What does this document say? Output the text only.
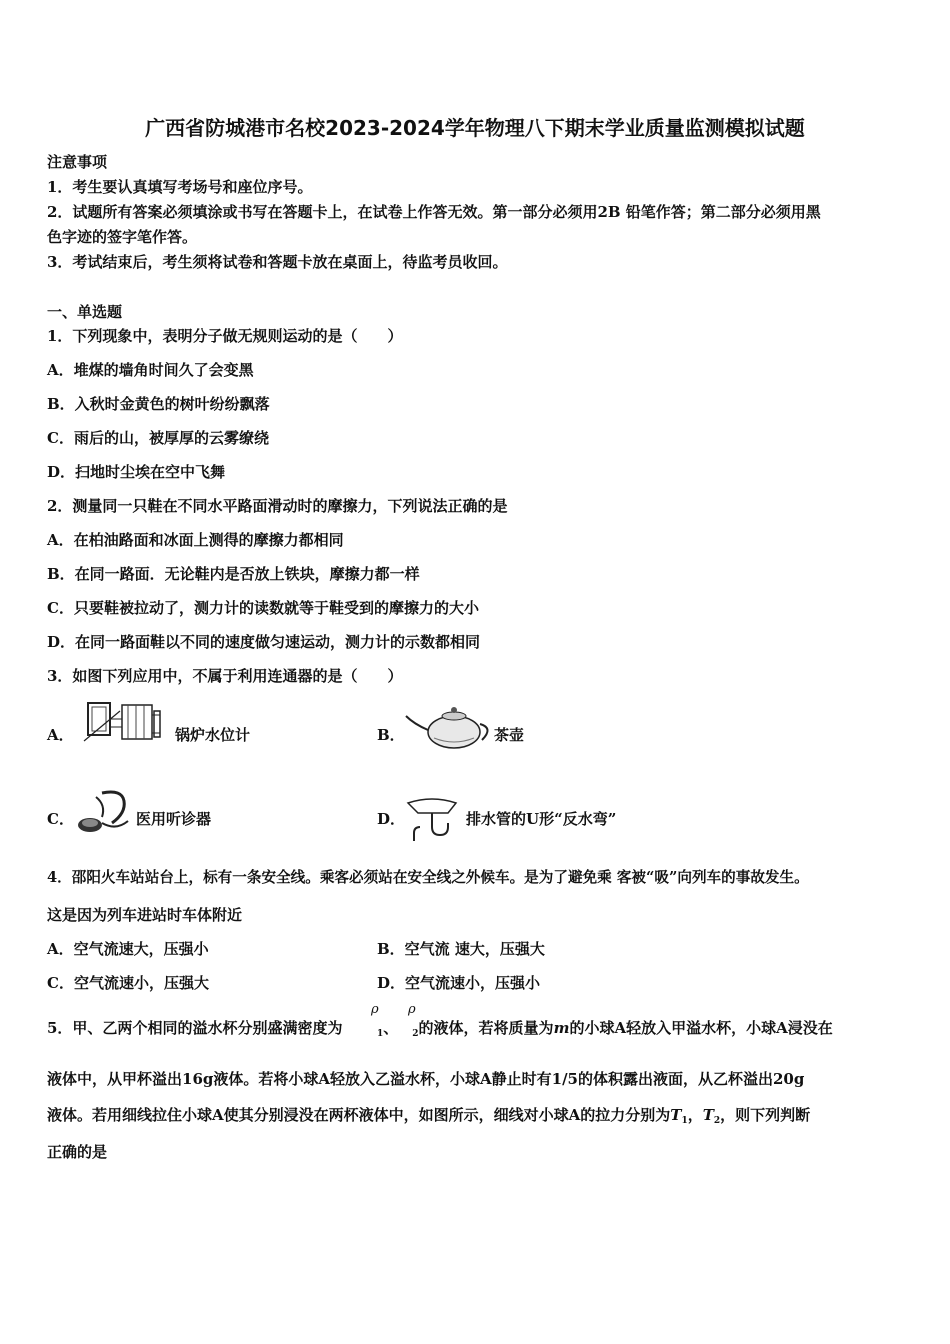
广西省防城港市名校2023-2024学年物理八下期末学业质量监测模拟试题
注意事项
1．考生要认真填写考场号和座位序号。
2．试题所有答案必须填涂或书写在答题卡上，在试卷上作答无效。第一部分必须用2B 铅笔作答；第二部分必须用黑
色字迹的签字笔作答。
3．考试结束后，考生须将试卷和答题卡放在桌面上，待监考员收回。
一、单选题
1．下列现象中，表明分子做无规则运动的是（　　）
A．堆煤的墙角时间久了会变黑
B．入秋时金黄色的树叶纷纷飘落
C．雨后的山，被厚厚的云雾缭绕
D．扫地时尘埃在空中飞舞
2．测量同一只鞋在不同水平路面滑动时的摩擦力，下列说法正确的是
A．在柏油路面和冰面上测得的摩擦力都相同
B．在同一路面．无论鞋内是否放上铁块，摩擦力都一样
C．只要鞋被拉动了，测力计的读数就等于鞋受到的摩擦力的大小
D．在同一路面鞋以不同的速度做匀速运动，测力计的示数都相同
3．如图下列应用中，不属于利用连通器的是（　　）
A．	锅炉水位计	B．	茶壶
C．	医用听诊器	D．	排水管的U形“反水弯”
4．邵阳火车站站台上，标有一条安全线。乘客必须站在安全线之外候车。是为了避免乘 客被“吸”向列车的事故发生。
这是因为列车进站时车体附近
A．空气流速大，压强小	B．空气流 速大，压强大
C．空气流速小，压强大	D．空气流速小，压强小
5．甲、乙两个相同的溢水杯分别盛满密度为
ρ ρ
$_1$、 $_2$的液体，若将质量为m的小球A轻放入甲溢水杯，小球A浸没在
液体中，从甲杯溢出16g液体。若将小球A轻放入乙溢水杯，小球A静止时有1/5的体积露出液面，从乙杯溢出20g
液体。若用细线拉住小球A使其分别浸没在两杯液体中，如图所示，细线对小球A的拉力分别为$T_1$，$T_2$，则下列判断
正确的是
